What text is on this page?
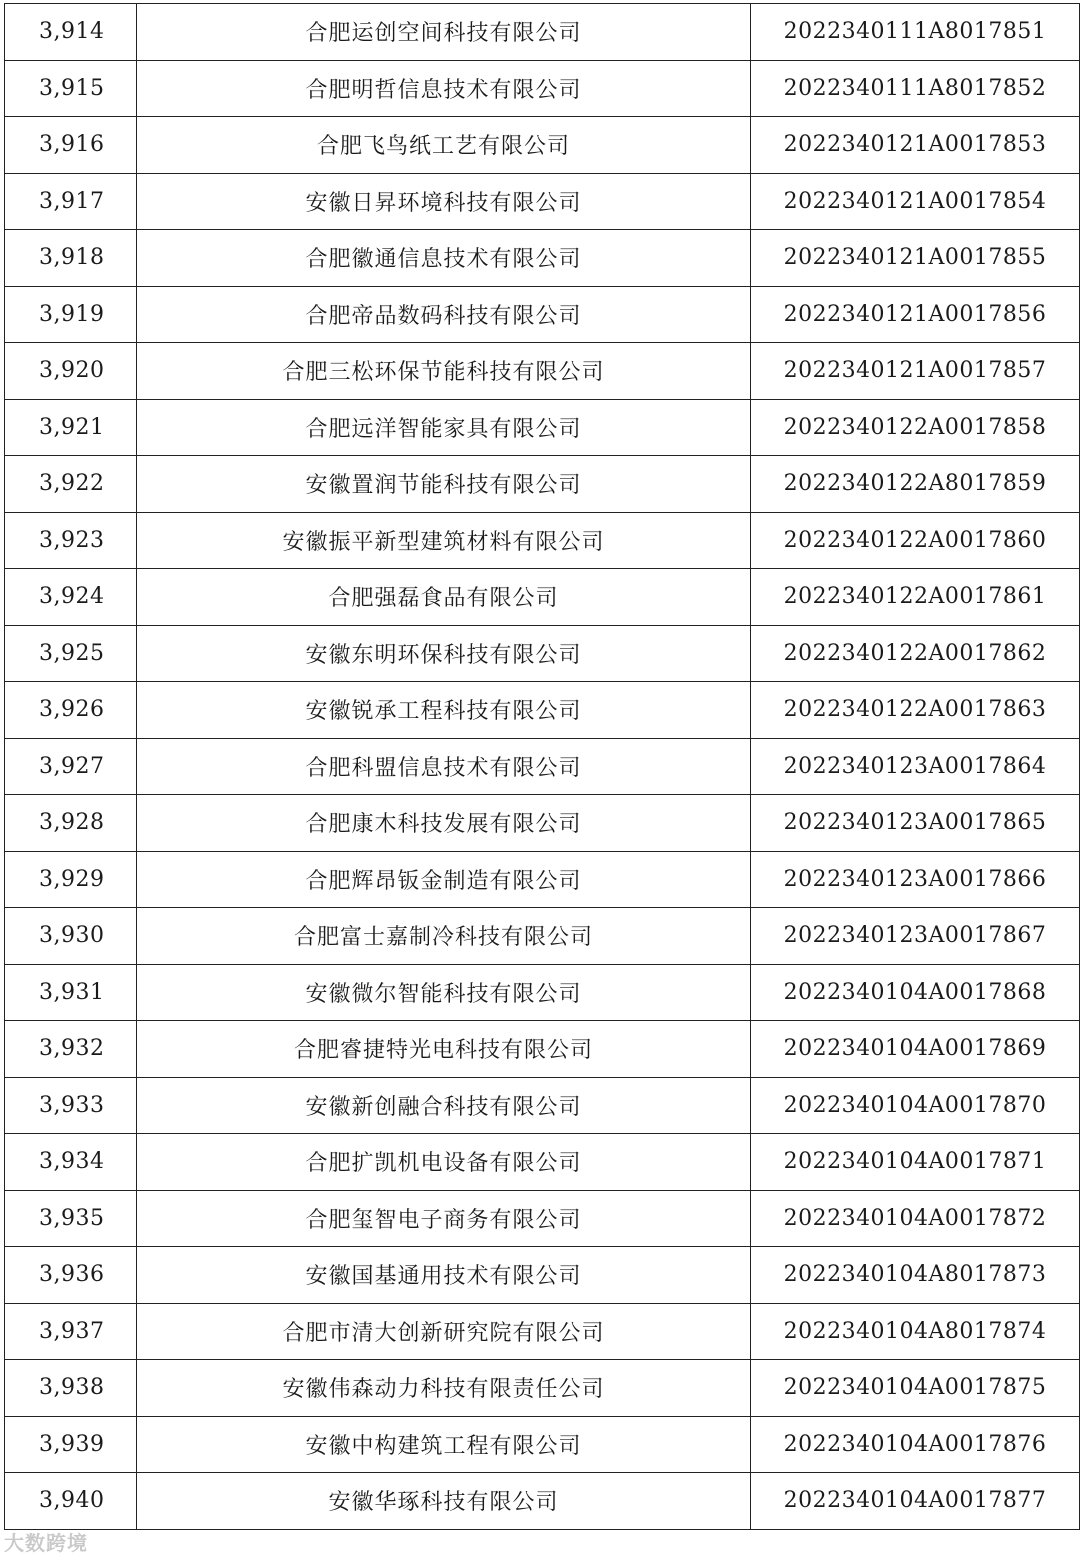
3,914	合肥运创空间科技有限公司	2022340111A8017851
3,915	合肥明哲信息技术有限公司	2022340111A8017852
3,916	合肥飞鸟纸工艺有限公司	2022340121A0017853
3,917	安徽日昇环境科技有限公司	2022340121A0017854
3,918	合肥徽通信息技术有限公司	2022340121A0017855
3,919	合肥帝品数码科技有限公司	2022340121A0017856
3,920	合肥三松环保节能科技有限公司	2022340121A0017857
3,921	合肥远洋智能家具有限公司	2022340122A0017858
3,922	安徽置润节能科技有限公司	2022340122A8017859
3,923	安徽振平新型建筑材料有限公司	2022340122A0017860
3,924	合肥强磊食品有限公司	2022340122A0017861
3,925	安徽东明环保科技有限公司	2022340122A0017862
3,926	安徽锐承工程科技有限公司	2022340122A0017863
3,927	合肥科盟信息技术有限公司	2022340123A0017864
3,928	合肥康木科技发展有限公司	2022340123A0017865
3,929	合肥辉昂钣金制造有限公司	2022340123A0017866
3,930	合肥富士嘉制冷科技有限公司	2022340123A0017867
3,931	安徽微尔智能科技有限公司	2022340104A0017868
3,932	合肥睿捷特光电科技有限公司	2022340104A0017869
3,933	安徽新创融合科技有限公司	2022340104A0017870
3,934	合肥扩凯机电设备有限公司	2022340104A0017871
3,935	合肥玺智电子商务有限公司	2022340104A0017872
3,936	安徽国基通用技术有限公司	2022340104A8017873
3,937	合肥市清大创新研究院有限公司	2022340104A8017874
3,938	安徽伟森动力科技有限责任公司	2022340104A0017875
3,939	安徽中构建筑工程有限公司	2022340104A0017876
3,940	安徽华琢科技有限公司	2022340104A0017877
大数跨境
